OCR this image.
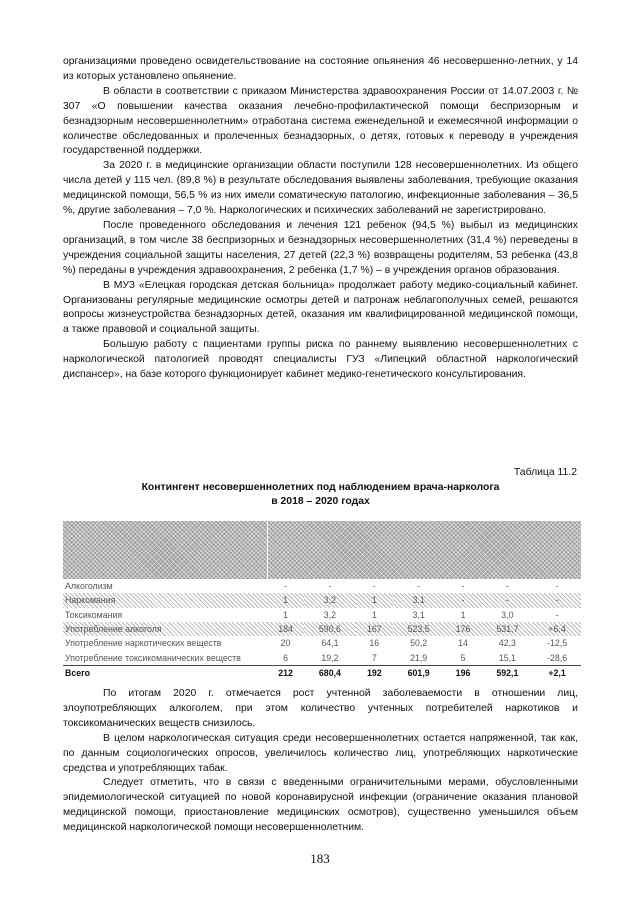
организациями проведено освидетельствование на состояние опьянения 46 несовершенно-летних, у 14 из которых установлено опьянение.

В области в соответствии с приказом Министерства здравоохранения России от 14.07.2003 г. № 307 «О повышении качества оказания лечебно-профилактической помощи беспризорным и безнадзорным несовершеннолетним» отработана система еженедельной и ежемесячной информации о количестве обследованных и пролеченных безнадзорных, о детях, готовых к переводу в учреждения государственной поддержки.

За 2020 г. в медицинские организации области поступили 128 несовершеннолетних. Из общего числа детей у 115 чел. (89,8 %) в результате обследования выявлены заболевания, требующие оказания медицинской помощи, 56,5 % из них имели соматическую патологию, инфекционные заболевания – 36,5 %, другие заболевания – 7,0 %. Наркологических и психических заболеваний не зарегистрировано.

После проведенного обследования и лечения 121 ребенок (94,5 %) выбыл из медицинских организаций, в том числе 38 беспризорных и безнадзорных несовершеннолетних (31,4 %) переведены в учреждения социальной защиты населения, 27 детей (22,3 %) возвращены родителям, 53 ребенка (43,8 %) переданы в учреждения здравоохранения, 2 ребенка (1,7 %) – в учреждения органов образования.

В МУЗ «Елецкая городская детская больница» продолжает работу медико-социальный кабинет. Организованы регулярные медицинские осмотры детей и патронаж неблагополучных семей, решаются вопросы жизнеустройства безнадзорных детей, оказания им квалифицированной медицинской помощи, а также правовой и социальной защиты.

Большую работу с пациентами группы риска по раннему выявлению несовершеннолетних с наркологической патологией проводят специалисты ГУЗ «Липецкий областной наркологический диспансер», на базе которого функционирует кабинет медико-генетического консультирования.

Таблица 11.2
Контингент несовершеннолетних под наблюдением врача-нарколога
в 2018 – 2020 годах

Алкоголизм	-	-	-	-	-	-	-
Наркомания	1	3,2	1	3,1	-	-	-
Токсикомания	1	3,2	1	3,1	1	3,0	-
Употребление алкоголя	184	590,6	167	523,5	176	531,7	+6,4
Употребление наркотических веществ	20	64,1	16	50,2	14	42,3	-12,5
Употребление токсикоманических веществ	6	19,2	7	21,9	5	15,1	-28,6
Всего	212	680,4	192	601,9	196	592,1	+2,1

По итогам 2020 г. отмечается рост учтенной заболеваемости в отношении лиц, злоупотребляющих алкоголем, при этом количество учтенных потребителей наркотиков и токсикоманических веществ снизилось.

В целом наркологическая ситуация среди несовершеннолетних остается напряженной, так как, по данным социологических опросов, увеличилось количество лиц, употребляющих наркотические средства и употребляющих табак.

Следует отметить, что в связи с введенными ограничительными мерами, обусловленными эпидемиологической ситуацией по новой коронавирусной инфекции (ограничение оказания плановой медицинской помощи, приостановление медицинских осмотров), существенно уменьшился объем медицинской наркологической помощи несовершеннолетним.

183
